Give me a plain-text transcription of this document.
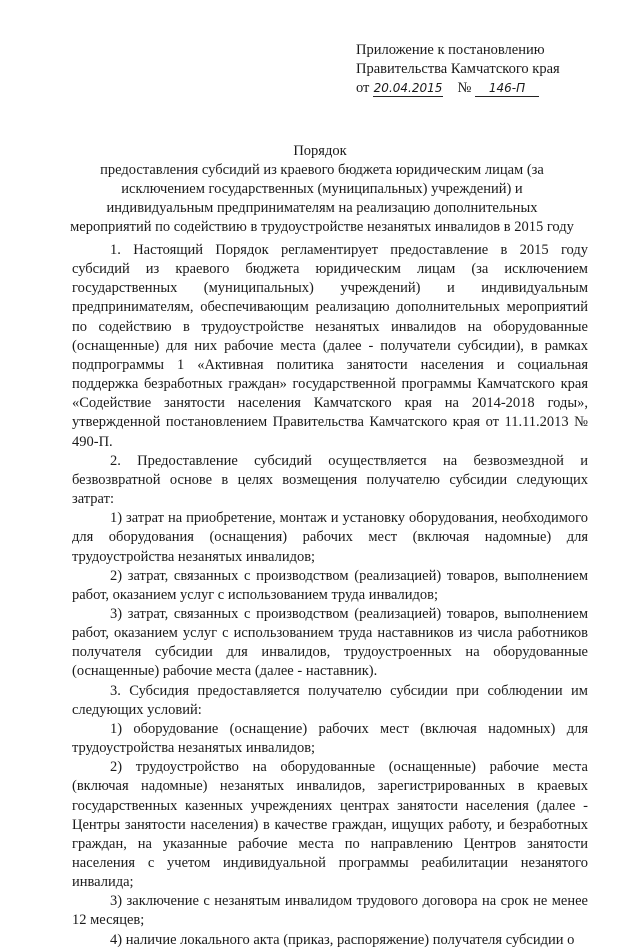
Приложение к постановлению
Правительства Камчатского края
от 20.04.2015 № 146-П
Порядок
предоставления субсидий из краевого бюджета юридическим лицам (за исключением государственных (муниципальных) учреждений) и индивидуальным предпринимателям на реализацию дополнительных мероприятий по содействию в трудоустройстве незанятых инвалидов в 2015 году

1. Настоящий Порядок регламентирует предоставление в 2015 году субсидий из краевого бюджета юридическим лицам (за исключением государственных (муниципальных) учреждений) и индивидуальным предпринимателям, обеспечивающим реализацию дополнительных мероприятий по содействию в трудоустройстве незанятых инвалидов на оборудованные (оснащенные) для них рабочие места (далее - получатели субсидии), в рамках подпрограммы 1 «Активная политика занятости населения и социальная поддержка безработных граждан» государственной программы Камчатского края «Содействие занятости населения Камчатского края на 2014-2018 годы», утвержденной постановлением Правительства Камчатского края от 11.11.2013 № 490-П.

2. Предоставление субсидий осуществляется на безвозмездной и безвозвратной основе в целях возмещения получателю субсидии следующих затрат:

1) затрат на приобретение, монтаж и установку оборудования, необходимого для оборудования (оснащения) рабочих мест (включая надомные) для трудоустройства незанятых инвалидов;

2) затрат, связанных с производством (реализацией) товаров, выполнением работ, оказанием услуг с использованием труда инвалидов;

3) затрат, связанных с производством (реализацией) товаров, выполнением работ, оказанием услуг с использованием труда наставников из числа работников получателя субсидии для инвалидов, трудоустроенных на оборудованные (оснащенные) рабочие места (далее - наставник).

3. Субсидия предоставляется получателю субсидии при соблюдении им следующих условий:

1) оборудование (оснащение) рабочих мест (включая надомных) для трудоустройства незанятых инвалидов;

2) трудоустройство на оборудованные (оснащенные) рабочие места (включая надомные) незанятых инвалидов, зарегистрированных в краевых государственных казенных учреждениях центрах занятости населения (далее - Центры занятости населения) в качестве граждан, ищущих работу, и безработных граждан, на указанные рабочие места по направлению Центров занятости населения с учетом индивидуальной программы реабилитации незанятого инвалида;

3) заключение с незанятым инвалидом трудового договора на срок не менее 12 месяцев;

4) наличие локального акта (приказ, распоряжение) получателя субсидии о
